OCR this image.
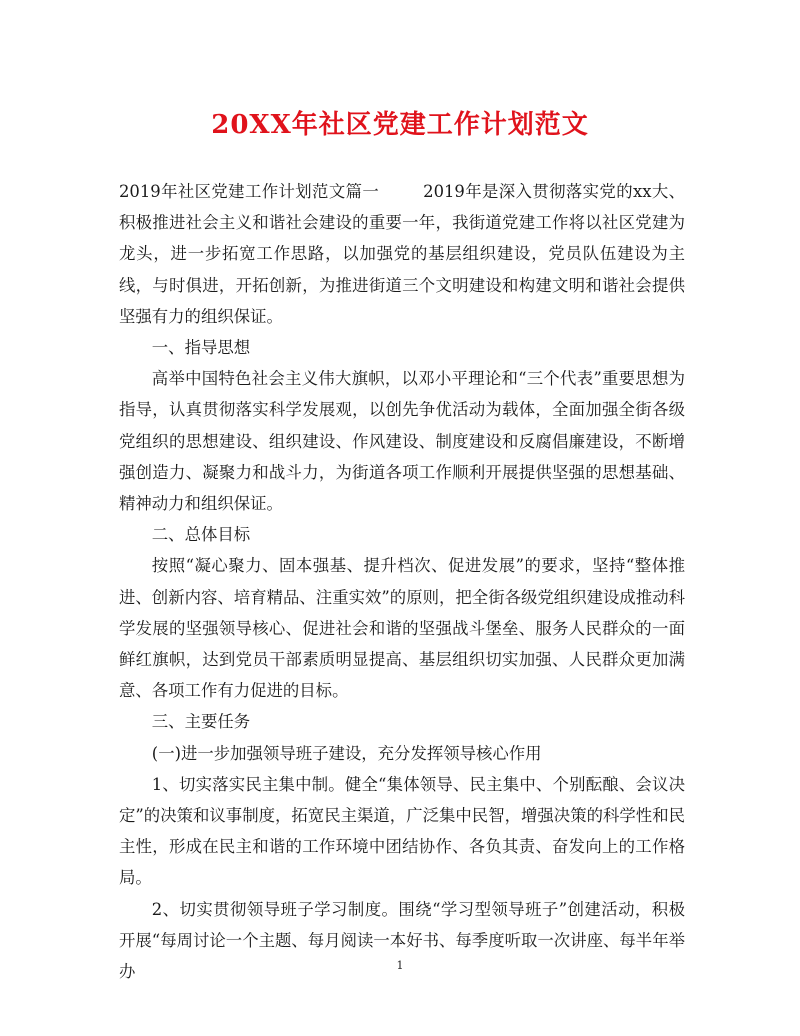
20XX年社区党建工作计划范文

2019年社区党建工作计划范文篇一	2019年是深入贯彻落实党的xx大、积极推进社会主义和谐社会建设的重要一年，我街道党建工作将以社区党建为龙头，进一步拓宽工作思路，以加强党的基层组织建设，党员队伍建设为主线，与时俱进，开拓创新，为推进街道三个文明建设和构建文明和谐社会提供坚强有力的组织保证。

一、指导思想

高举中国特色社会主义伟大旗帜，以邓小平理论和“三个代表”重要思想为指导，认真贯彻落实科学发展观，以创先争优活动为载体，全面加强全街各级党组织的思想建设、组织建设、作风建设、制度建设和反腐倡廉建设，不断增强创造力、凝聚力和战斗力，为街道各项工作顺利开展提供坚强的思想基础、精神动力和组织保证。

二、总体目标

按照“凝心聚力、固本强基、提升档次、促进发展”的要求，坚持“整体推进、创新内容、培育精品、注重实效”的原则，把全街各级党组织建设成推动科学发展的坚强领导核心、促进社会和谐的坚强战斗堡垒、服务人民群众的一面鲜红旗帜，达到党员干部素质明显提高、基层组织切实加强、人民群众更加满意、各项工作有力促进的目标。

三、主要任务

(一)进一步加强领导班子建设，充分发挥领导核心作用

1、切实落实民主集中制。健全“集体领导、民主集中、个别酝酿、会议决定”的决策和议事制度，拓宽民主渠道，广泛集中民智，增强决策的科学性和民主性，形成在民主和谐的工作环境中团结协作、各负其责、奋发向上的工作格局。

2、切实贯彻领导班子学习制度。围绕“学习型领导班子”创建活动，积极开展“每周讨论一个主题、每月阅读一本好书、每季度听取一次讲座、每半年举办	1
